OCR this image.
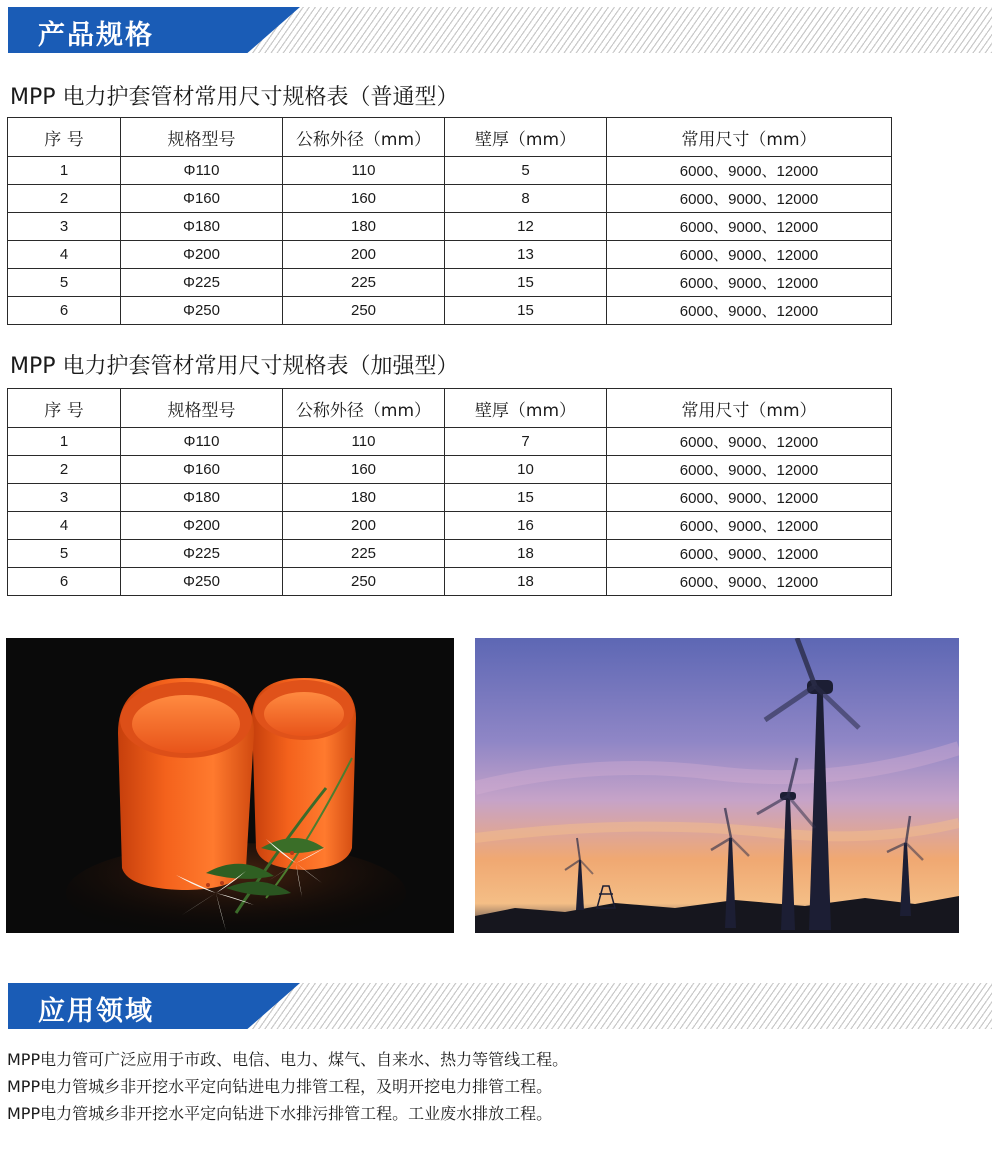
产品规格
MPP 电力护套管材常用尺寸规格表（普通型）
序 号	规格型号	公称外径（mm）	壁厚（mm）	常用尺寸（mm）
1	Φ110	110	5	6000、9000、12000
2	Φ160	160	8	6000、9000、12000
3	Φ180	180	12	6000、9000、12000
4	Φ200	200	13	6000、9000、12000
5	Φ225	225	15	6000、9000、12000
6	Φ250	250	15	6000、9000、12000
MPP 电力护套管材常用尺寸规格表（加强型）
序 号	规格型号	公称外径（mm）	壁厚（mm）	常用尺寸（mm）
1	Φ110	110	7	6000、9000、12000
2	Φ160	160	10	6000、9000、12000
3	Φ180	180	15	6000、9000、12000
4	Φ200	200	16	6000、9000、12000
5	Φ225	225	18	6000、9000、12000
6	Φ250	250	18	6000、9000、12000
应用领域
MPP电力管可广泛应用于市政、电信、电力、煤气、自来水、热力等管线工程。
MPP电力管城乡非开挖水平定向钻进电力排管工程，及明开挖电力排管工程。
MPP电力管城乡非开挖水平定向钻进下水排污排管工程。工业废水排放工程。
